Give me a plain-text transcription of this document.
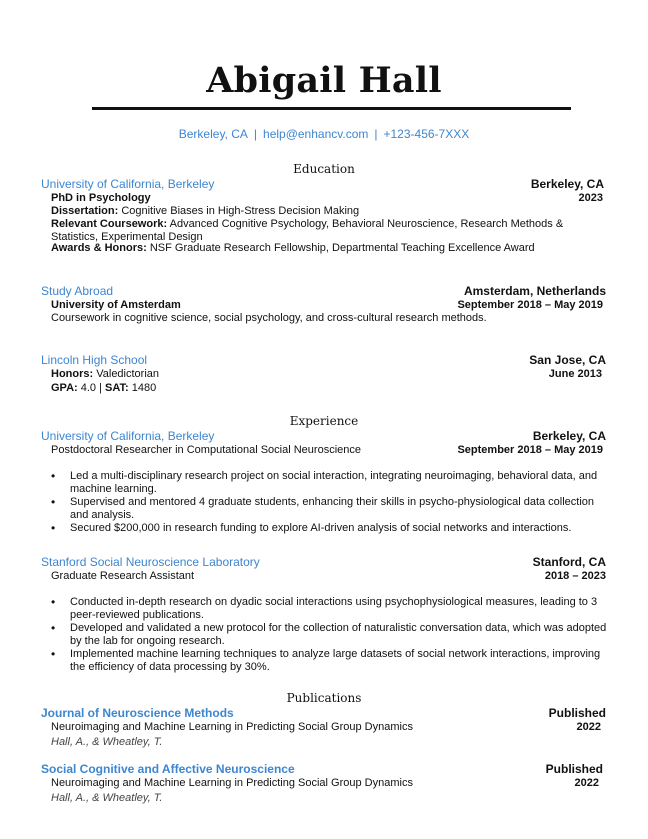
Abigail Hall
Berkeley, CA | help@enhancv.com | +123-456-7XXX
Education
University of California, Berkeley	Berkeley, CA
PhD in Psychology	2023
Dissertation: Cognitive Biases in High-Stress Decision Making
Relevant Coursework: Advanced Cognitive Psychology, Behavioral Neuroscience, Research Methods & Statistics, Experimental Design
Awards & Honors: NSF Graduate Research Fellowship, Departmental Teaching Excellence Award
Study Abroad	Amsterdam, Netherlands
University of Amsterdam	September 2018 – May 2019
Coursework in cognitive science, social psychology, and cross-cultural research methods.
Lincoln High School	San Jose, CA
Honors: Valedictorian	June 2013
GPA: 4.0 | SAT: 1480
Experience
University of California, Berkeley	Berkeley, CA
Postdoctoral Researcher in Computational Social Neuroscience	September 2018 – May 2019
• Led a multi-disciplinary research project on social interaction, integrating neuroimaging, behavioral data, and machine learning.
• Supervised and mentored 4 graduate students, enhancing their skills in psycho-physiological data collection and analysis.
• Secured $200,000 in research funding to explore AI-driven analysis of social networks and interactions.
Stanford Social Neuroscience Laboratory	Stanford, CA
Graduate Research Assistant	2018 – 2023
• Conducted in-depth research on dyadic social interactions using psychophysiological measures, leading to 3 peer-reviewed publications.
• Developed and validated a new protocol for the collection of naturalistic conversation data, which was adopted by the lab for ongoing research.
• Implemented machine learning techniques to analyze large datasets of social network interactions, improving the efficiency of data processing by 30%.
Publications
Journal of Neuroscience Methods	Published
Neuroimaging and Machine Learning in Predicting Social Group Dynamics	2022
Hall, A., & Wheatley, T.
Social Cognitive and Affective Neuroscience	Published
Neuroimaging and Machine Learning in Predicting Social Group Dynamics	2022
Hall, A., & Wheatley, T.
